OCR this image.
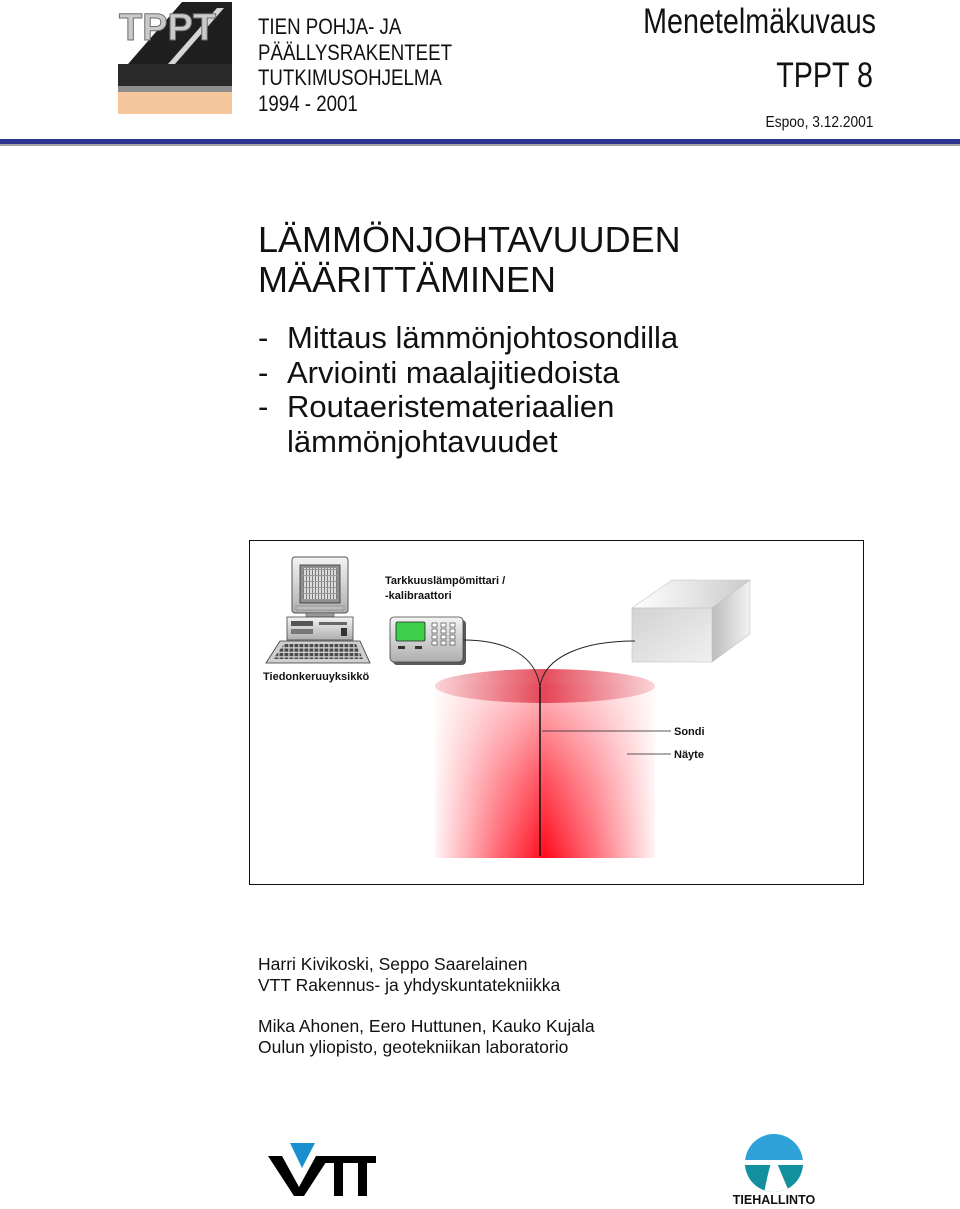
TPPT TIEN POHJA- JA
PÄÄLLYSRAKENTEET
TUTKIMUSOHJELMA
1994 - 2001
Menetelmäkuvaus
TPPT 8
Espoo, 3.12.2001
LÄMMÖNJOHTAVUUDEN
MÄÄRITTÄMINEN
- Mittaus lämmönjohtosondilla
- Arviointi maalajitiedoista
- Routaeristemateriaalien
lämmönjohtavuudet
Tiedonkeruuyksikkö
Tarkkuuslämpömittari /
-kalibraattori
Sondi
Näyte
Harri Kivikoski, Seppo Saarelainen
VTT Rakennus- ja yhdyskuntatekniikka
Mika Ahonen, Eero Huttunen, Kauko Kujala
Oulun yliopisto, geotekniikan laboratorio
TIEHALLINTO
